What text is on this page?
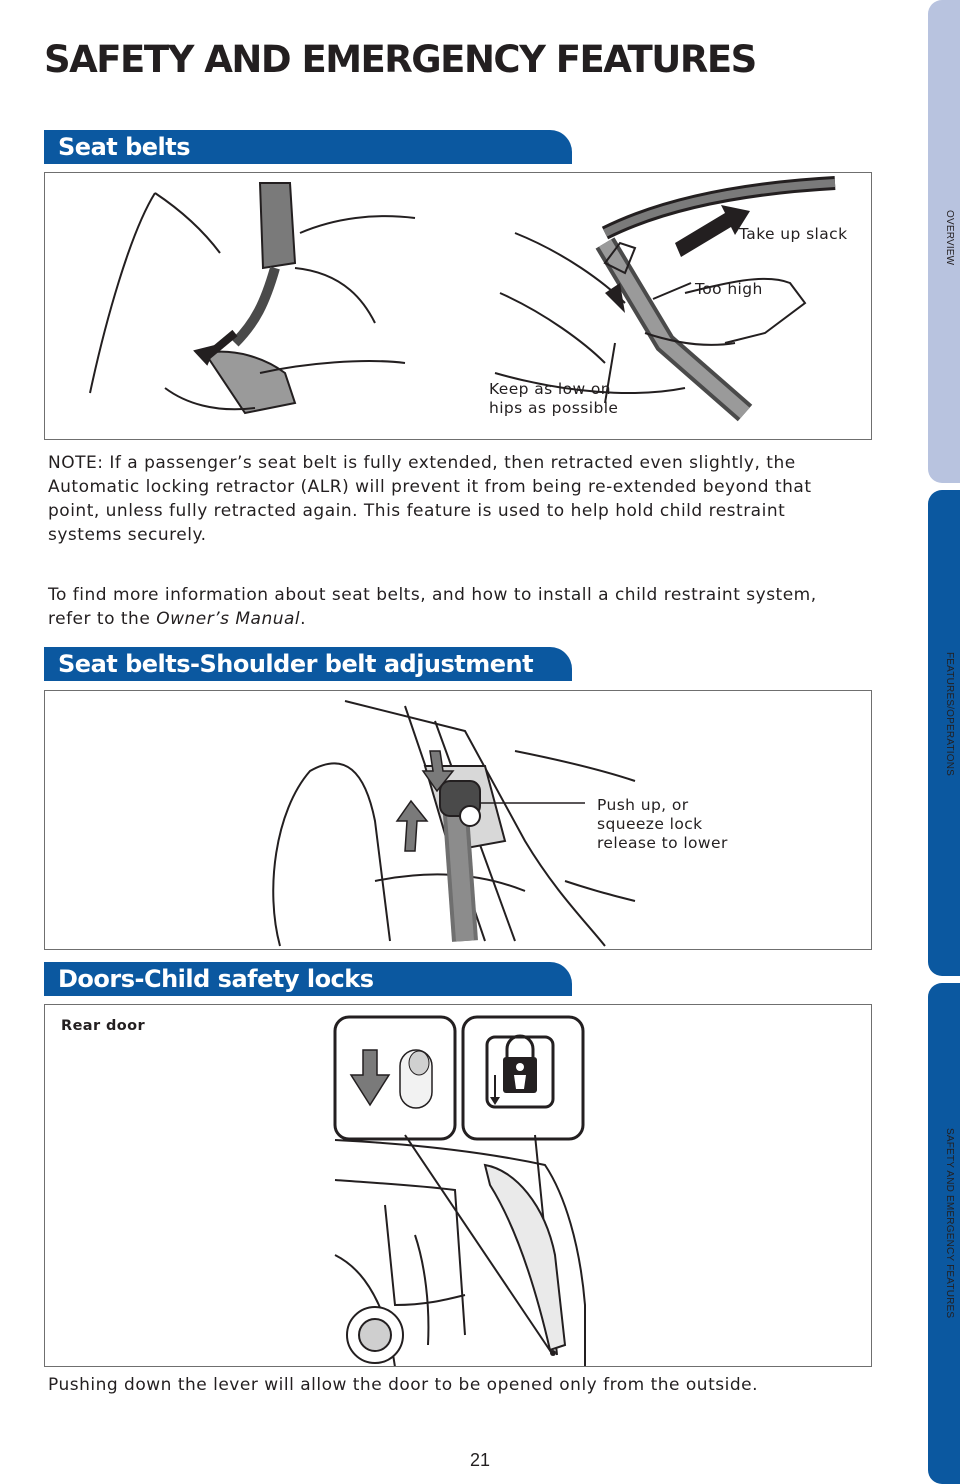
SAFETY AND EMERGENCY FEATURES
Seat belts
Take up slack
Too high
Keep as low on
hips as possible

NOTE: If a passenger’s seat belt is fully extended, then retracted even slightly, the Automatic locking retractor (ALR) will prevent it from being re-extended beyond that point, unless fully retracted again. This feature is used to help hold child restraint systems securely.

To find more information about seat belts, and how to install a child restraint system, refer to the Owner’s Manual.

Seat belts-Shoulder belt adjustment
Push up, or
squeeze lock
release to lower
Doors-Child safety locks
Rear door

Pushing down the lever will allow the door to be opened only from the outside.

OVERVIEW
FEATURES/OPERATIONS
SAFETY AND EMERGENCY FEATURES
21
